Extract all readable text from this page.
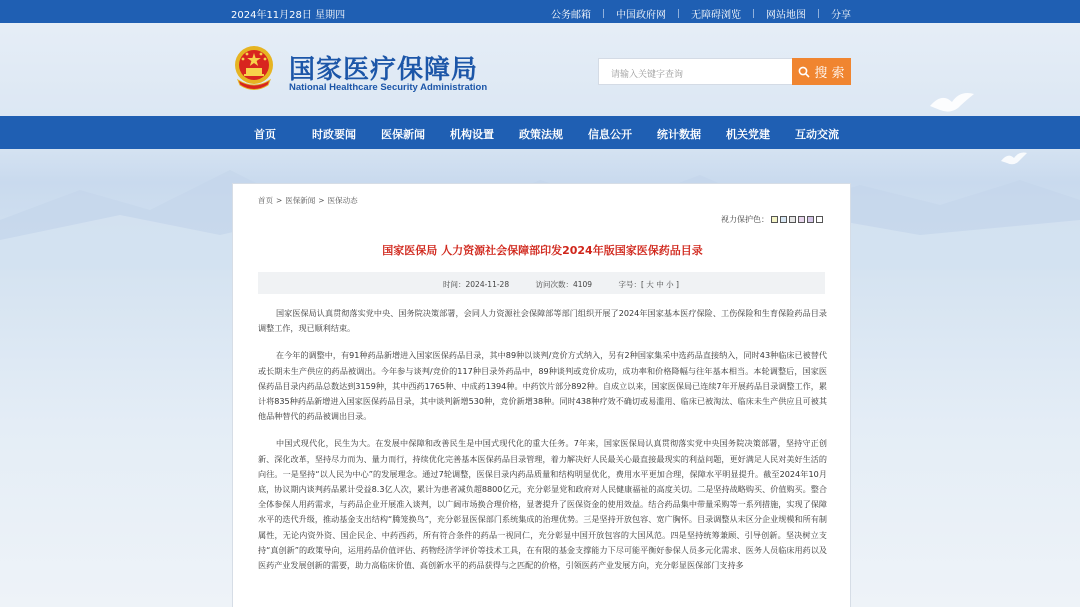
2024年11月28日 星期四	公务邮箱	中国政府网	无障碍浏览	网站地图	分享
国家医疗保障局
National Healthcare Security Administration
请输入关键字查询	搜 索
首页	时政要闻 医保新闻 机构设置 政策法规 信息公开 统计数据 机关党建 互动交流
首页 > 医保新闻 > 医保动态
视力保护色：
国家医保局 人力资源社会保障部印发2024年版国家医保药品目录
时间：2024-11-28	访问次数：4109	字号：[ 大 中 小 ]

国家医保局认真贯彻落实党中央、国务院决策部署，会同人力资源社会保障部等部门组织开展了2024年国家基本医疗保险、工伤保险和生育保险药品目录调整工作，现已顺利结束。

在今年的调整中，有91种药品新增进入国家医保药品目录，其中89种以谈判/竞价方式纳入，另有2种国家集采中选药品直接纳入，同时43种临床已被替代或长期未生产供应的药品被调出。今年参与谈判/竞价的117种目录外药品中，89种谈判或竞价成功，成功率和价格降幅与往年基本相当。本轮调整后，国家医保药品目录内药品总数达到3159种，其中西药1765种、中成药1394种。中药饮片部分892种。自成立以来，国家医保局已连续7年开展药品目录调整工作，累计将835种药品新增进入国家医保药品目录，其中谈判新增530种，竞价新增38种。同时438种疗效不确切或易滥用、临床已被淘汰、临床未生产供应且可被其他品种替代的药品被调出目录。

中国式现代化，民生为大。在发展中保障和改善民生是中国式现代化的重大任务。7年来，国家医保局认真贯彻落实党中央国务院决策部署，坚持守正创新、深化改革，坚持尽力而为、量力而行，持续优化完善基本医保药品目录管理，着力解决好人民最关心最直接最现实的利益问题，更好满足人民对美好生活的向往。一是坚持“以人民为中心”的发展理念。通过7轮调整，医保目录内药品质量和结构明显优化，费用水平更加合理，保障水平明显提升。截至2024年10月底，协议期内谈判药品累计受益8.3亿人次，累计为患者减负超8800亿元，充分彰显党和政府对人民健康福祉的高度关切。二是坚持战略购买、价值购买。整合全体参保人用药需求，与药品企业开展准入谈判，以广阔市场换合理价格，显著提升了医保资金的使用效益。结合药品集中带量采购等一系列措施，实现了保障水平的迭代升级，推动基金支出结构“腾笼换鸟”，充分彰显医保部门系统集成的治理优势。三是坚持开放包容、宽广胸怀。目录调整从未区分企业规模和所有制属性，无论内资外资、国企民企、中药西药，所有符合条件的药品一视同仁，充分彰显中国开放包容的大国风范。四是坚持统筹兼顾、引导创新。坚决树立支持“真创新”的政策导向，运用药品价值评估、药物经济学评价等技术工具，在有限的基金支撑能力下尽可能平衡好参保人员多元化需求、医务人员临床用药以及医药产业发展创新的需要，助力高临床价值、高创新水平的药品获得与之匹配的价格，引领医药产业发展方向，充分彰显医保部门支持多
